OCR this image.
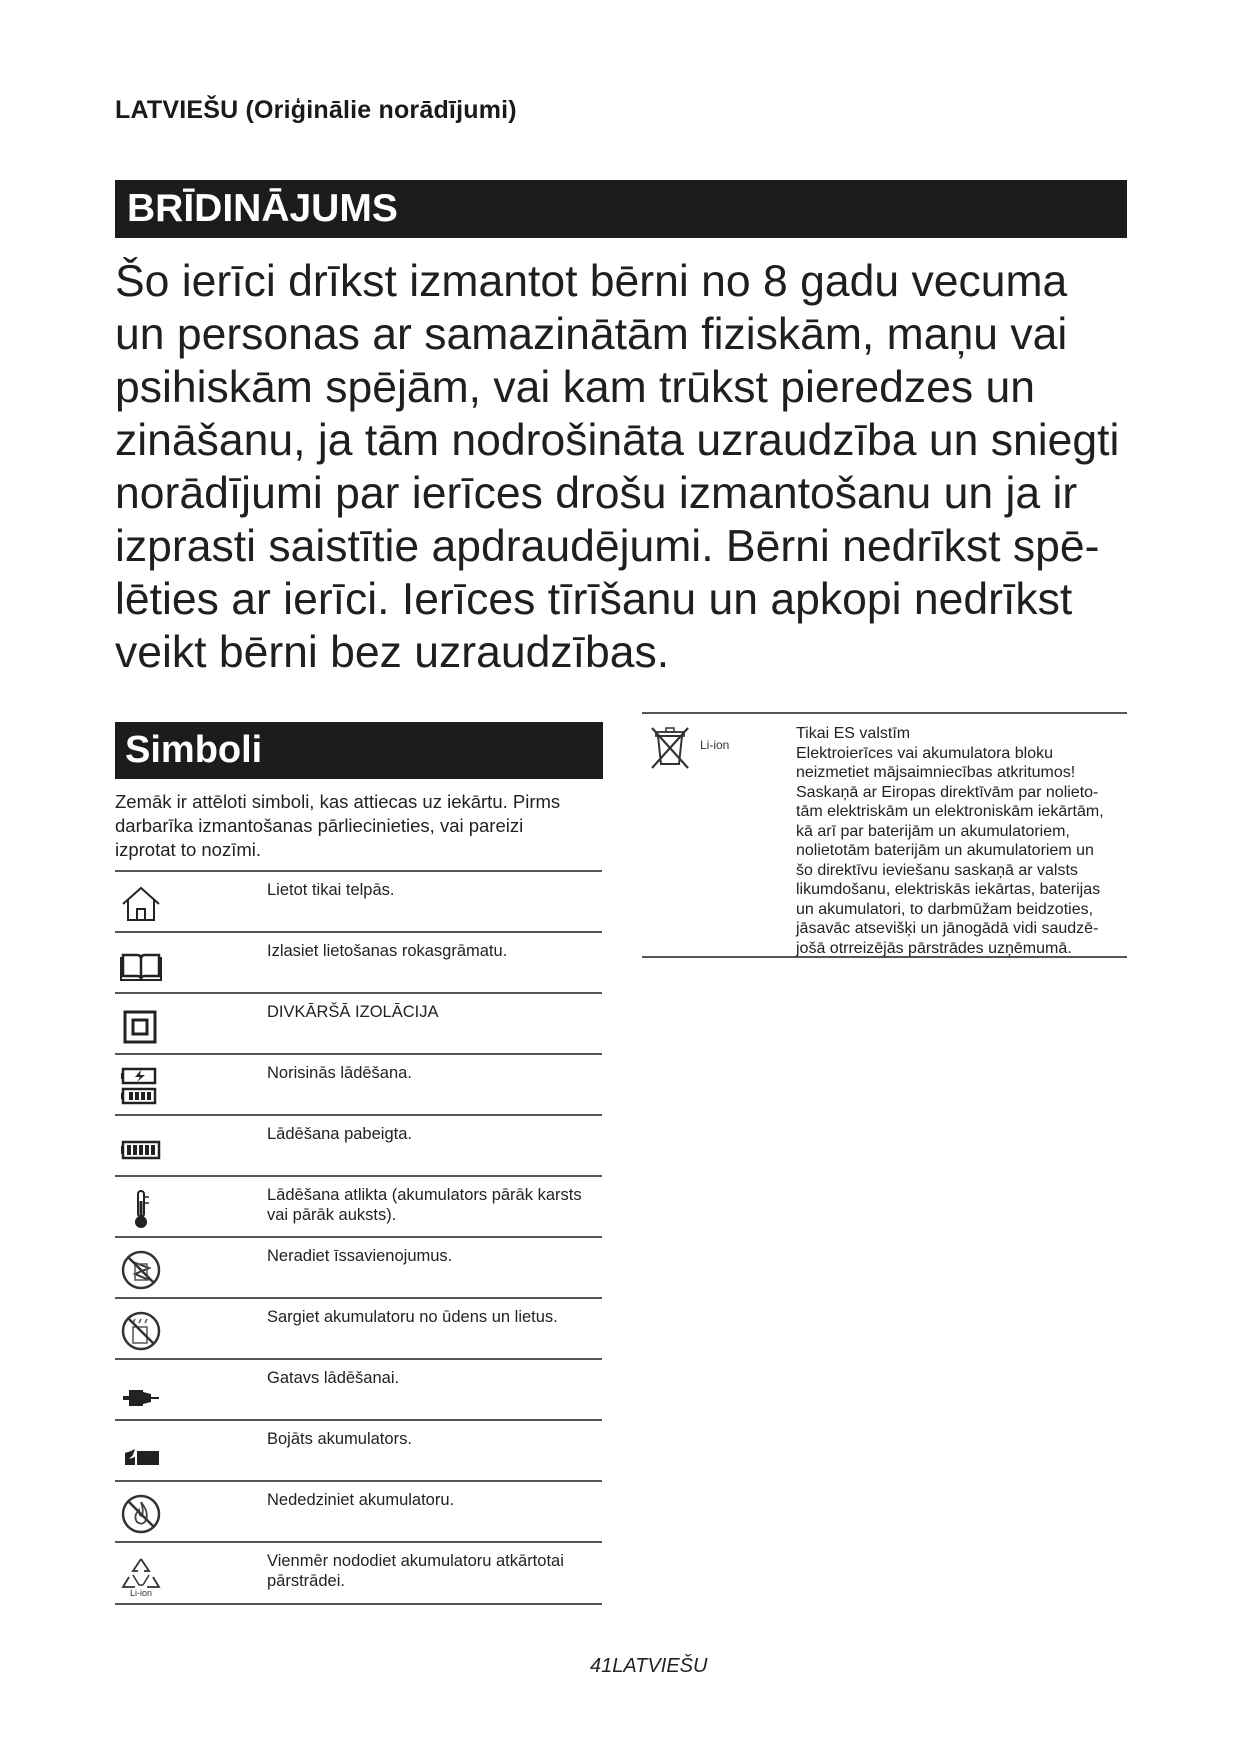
LATVIEŠU (Oriģinālie norādījumi)
BRĪDINĀJUMS
Šo ierīci drīkst izmantot bērni no 8 gadu vecuma
un personas ar samazinātām fiziskām, maņu vai
psihiskām spējām, vai kam trūkst pieredzes un
zināšanu, ja tām nodrošināta uzraudzība un sniegti
norādījumi par ierīces drošu izmantošanu un ja ir
izprasti saistītie apdraudējumi. Bērni nedrīkst spē-
lēties ar ierīci. Ierīces tīrīšanu un apkopi nedrīkst
veikt bērni bez uzraudzības.
Simboli
Zemāk ir attēloti simboli, kas attiecas uz iekārtu. Pirms
darbarīka izmantošanas pārliecinieties, vai pareizi
izprotat to nozīmi.
Lietot tikai telpās.
Izlasiet lietošanas rokasgrāmatu.
DIVKĀRŠĀ IZOLĀCIJA
Norisinās lādēšana.
Lādēšana pabeigta.
Lādēšana atlikta (akumulators pārāk karsts vai pārāk auksts).
Neradiet īssavienojumus.
Sargiet akumulatoru no ūdens un lietus.
Gatavs lādēšanai.
Bojāts akumulators.
Nededziniet akumulatoru.
Li-ion
Vienmēr nododiet akumulatoru atkārtotai pārstrādei.
Li-ion
Tikai ES valstīm
Elektroierīces vai akumulatora bloku
neizmetiet mājsaimniecības atkritumos!
Saskaņā ar Eiropas direktīvām par nolieto-
tām elektriskām un elektroniskām iekārtām,
kā arī par baterijām un akumulatoriem,
nolietotām baterijām un akumulatoriem un
šo direktīvu ieviešanu saskaņā ar valsts
likumdošanu, elektriskās iekārtas, baterijas
un akumulatori, to darbmūžam beidzoties,
jāsavāc atsevišķi un jānogādā vidi saudzē-
jošā otrreizējās pārstrādes uzņēmumā.
41LATVIEŠU
